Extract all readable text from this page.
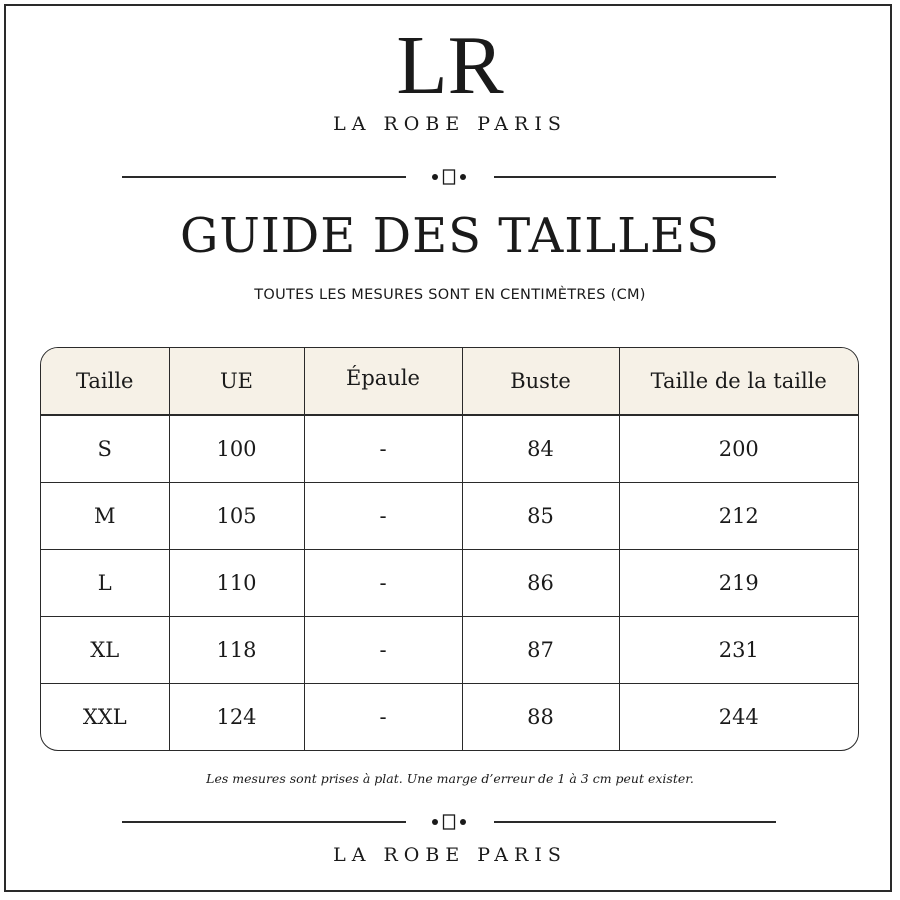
LR
LA ROBE PARIS
GUIDE DES TAILLES
TOUTES LES MESURES SONT EN CENTIMÈTRES (CM)
Taille	UE	Épaule	Buste	Taille de la taille
S	100	-	84	200
M	105	-	85	212
L	110	-	86	219
XL	118	-	87	231
XXL	124	-	88	244
Les mesures sont prises à plat. Une marge d’erreur de 1 à 3 cm peut exister.
LA ROBE PARIS
